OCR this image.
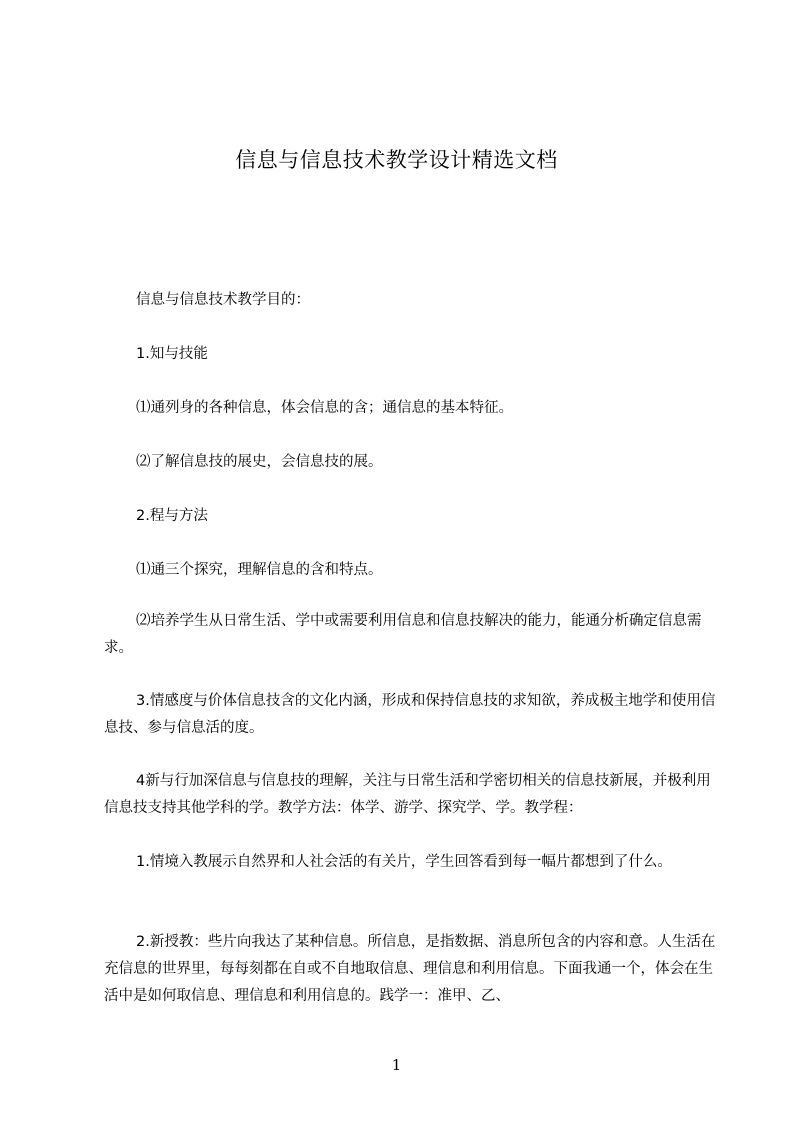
信息与信息技术教学设计精选文档

信息与信息技术教学目的：

1.知与技能

⑴通列身的各种信息，体会信息的含；通信息的基本特征。

⑵了解信息技的展史，会信息技的展。

2.程与方法

⑴通三个探究，理解信息的含和特点。

⑵培养学生从日常生活、学中或需要利用信息和信息技解决的能力，能通分析确定信息需求。

3.情感度与价体信息技含的文化内涵，形成和保持信息技的求知欲，养成极主地学和使用信息技、参与信息活的度。

4新与行加深信息与信息技的理解，关注与日常生活和学密切相关的信息技新展，并极利用信息技支持其他学科的学。教学方法：体学、游学、探究学、学。教学程：

1.情境入教展示自然界和人社会活的有关片，学生回答看到每一幅片都想到了什么。

2.新授教：些片向我达了某种信息。所信息，是指数据、消息所包含的内容和意。人生活在充信息的世界里，每每刻都在自或不自地取信息、理信息和利用信息。下面我通一个，体会在生活中是如何取信息、理信息和利用信息的。践学一：准甲、乙、

1
